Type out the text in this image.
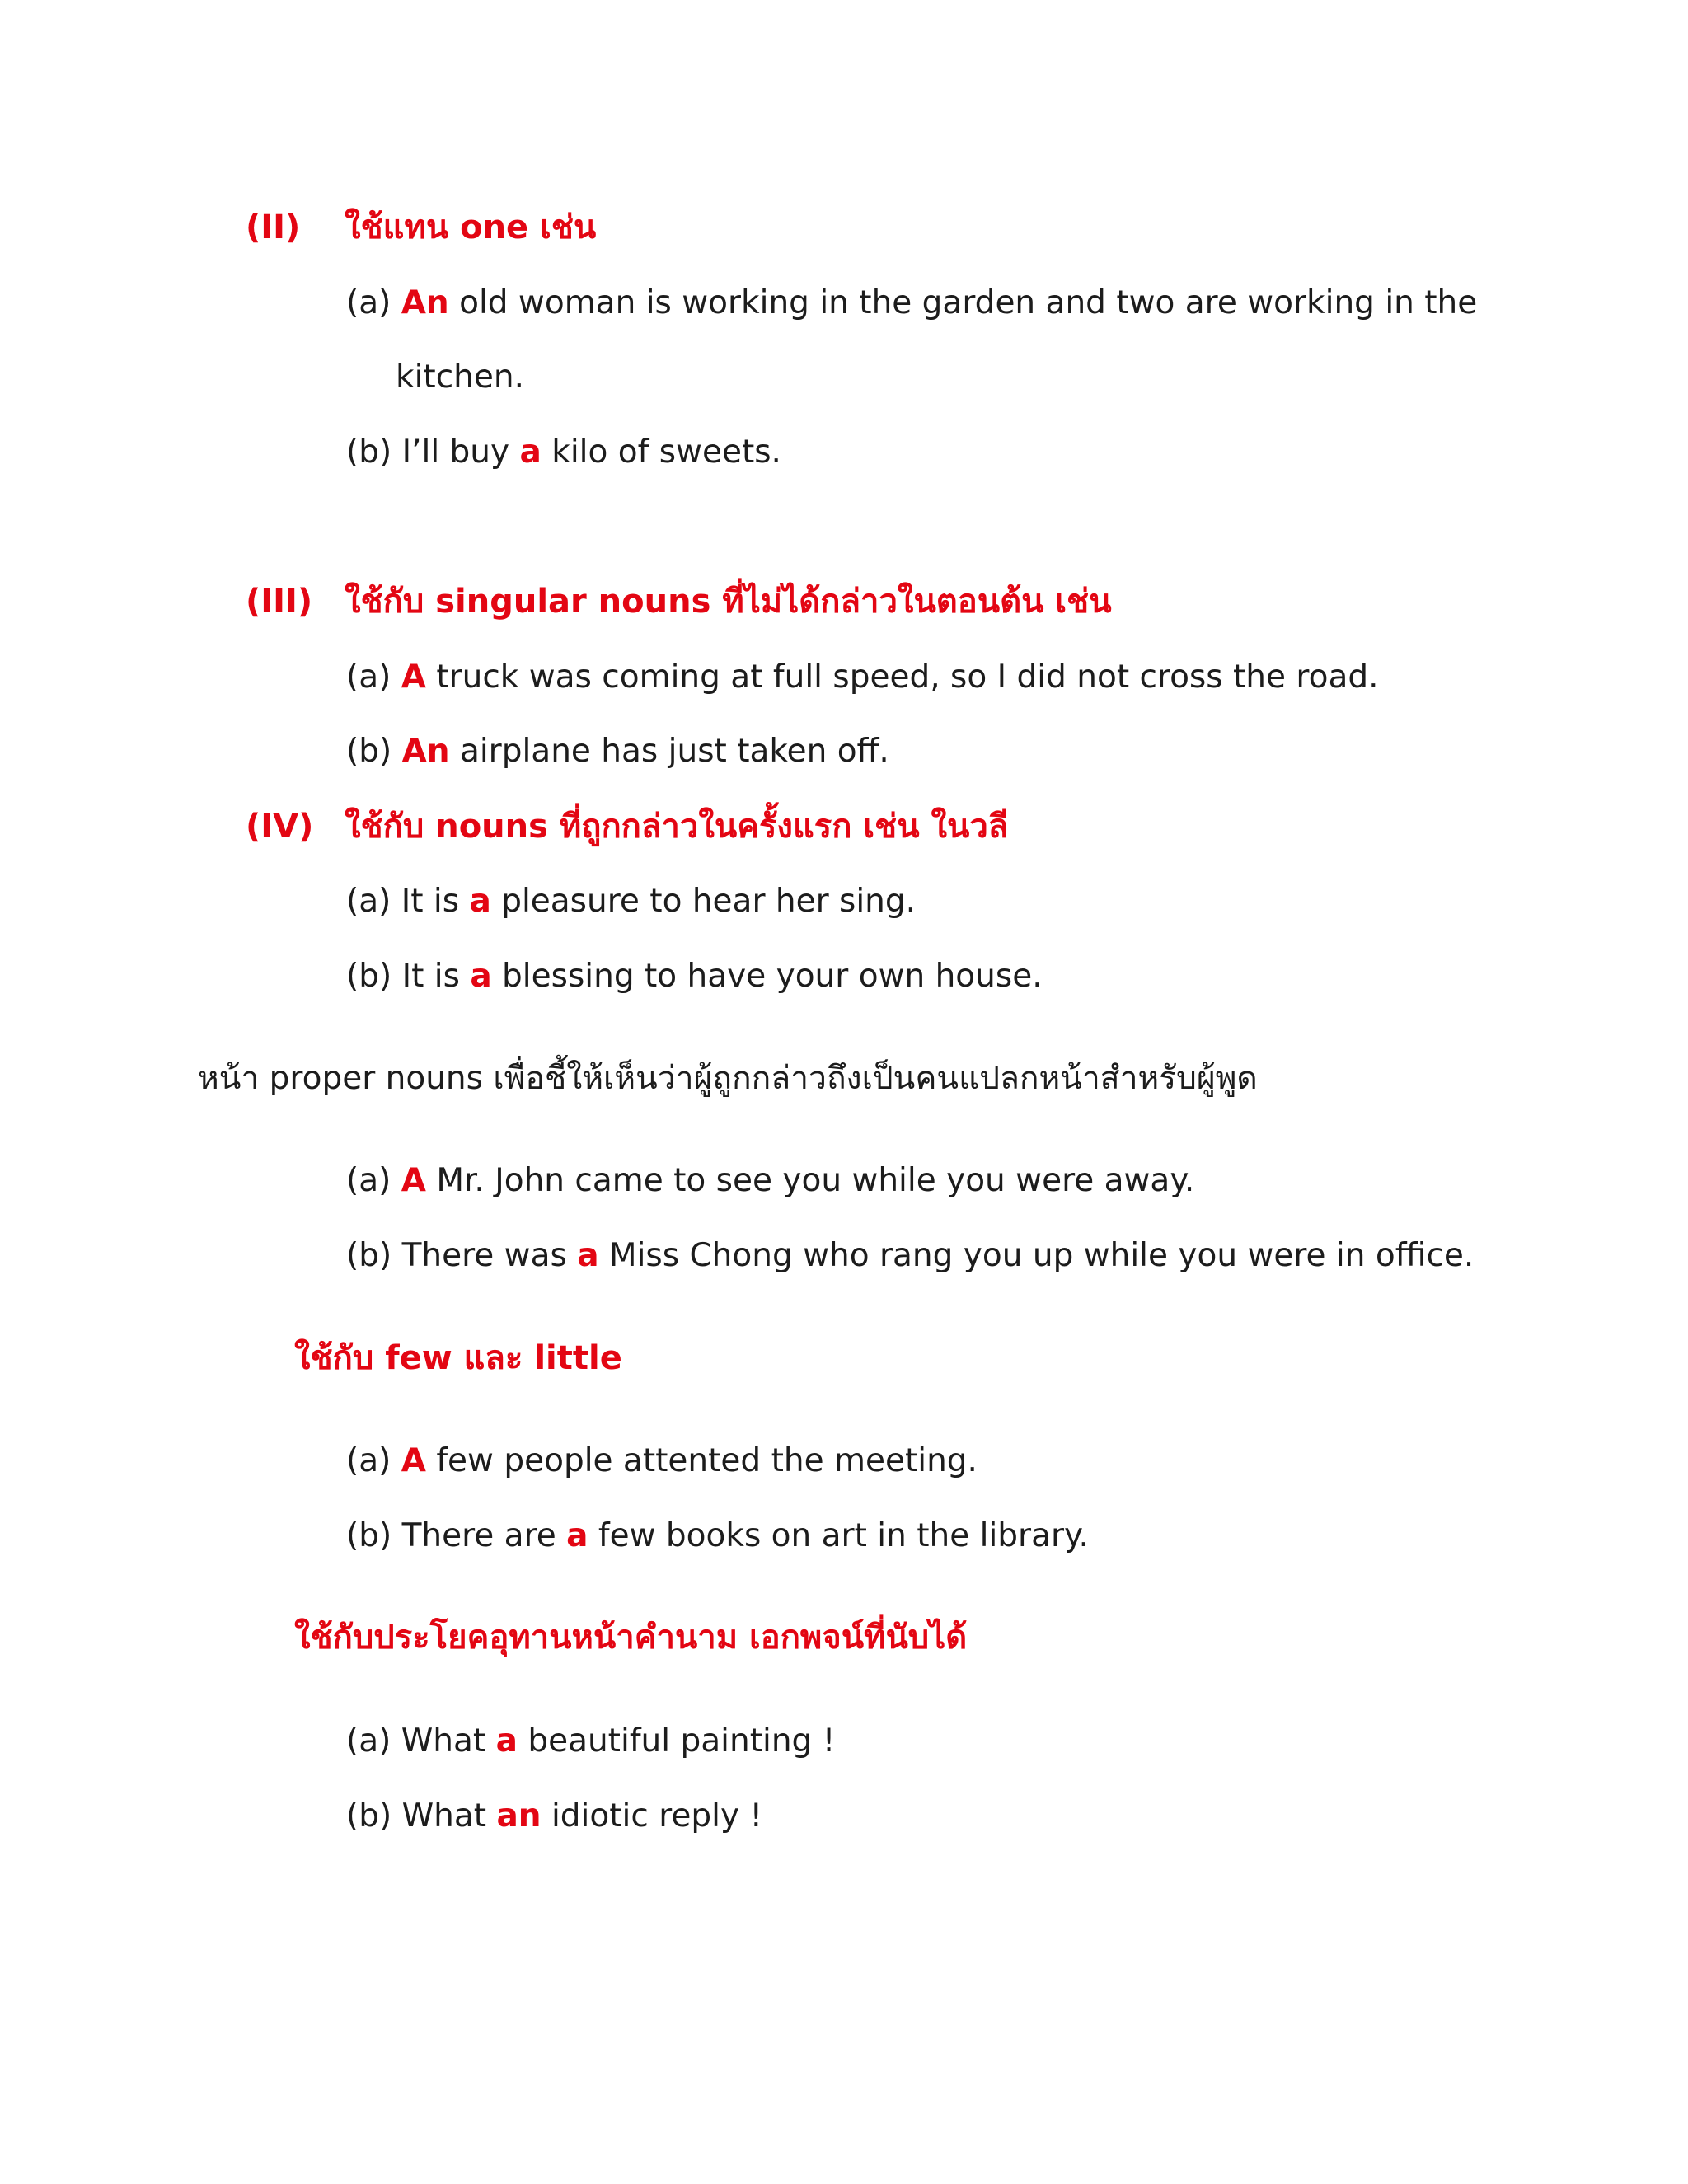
(II) ใช้แทน one เช่น
(a) An old woman is working in the garden and two are working in the
kitchen.
(b) I’ll buy a kilo of sweets.
(III) ใช้กับ singular nouns ที่ไม่ได้กล่าวในตอนต้น เช่น
(a) A truck was coming at full speed, so I did not cross the road.
(b) An airplane has just taken off.
(IV) ใช้กับ nouns ที่ถูกกล่าวในครั้งแรก เช่น ในวลี
(a) It is a pleasure to hear her sing.
(b) It is a blessing to have your own house.
หน้า proper nouns เพื่อชี้ให้เห็นว่าผู้ถูกกล่าวถึงเป็นคนแปลกหน้าสำหรับผู้พูด
(a) A Mr. John came to see you while you were away.
(b) There was a Miss Chong who rang you up while you were in office.
ใช้กับ few และ little
(a) A few people attented the meeting.
(b) There are a few books on art in the library.
ใช้กับประโยคอุทานหน้าคำนาม เอกพจน์ที่นับได้
(a) What a beautiful painting !
(b) What an idiotic reply !
